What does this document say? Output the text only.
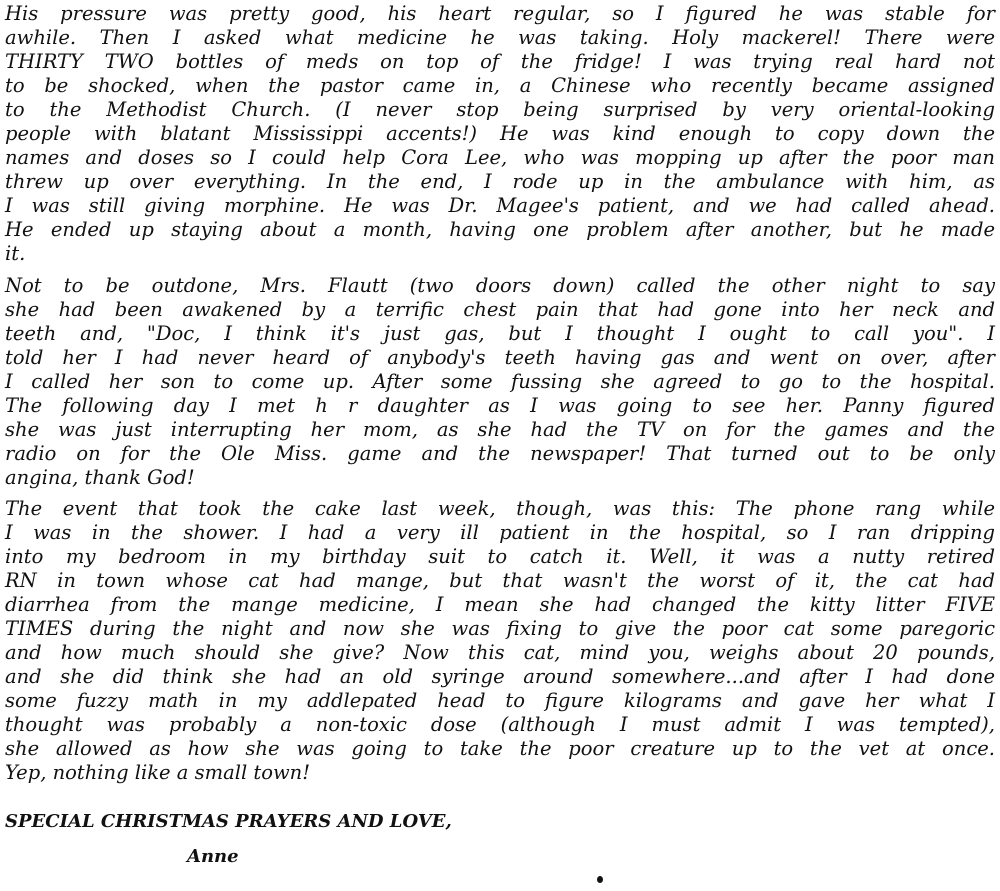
His pressure was pretty good, his heart regular, so I figured he was stable for
awhile. Then I asked what medicine he was taking. Holy mackerel! There were
THIRTY TWO bottles of meds on top of the fridge! I was trying real hard not
to be shocked, when the pastor came in, a Chinese who recently became assigned
to the Methodist Church. (I never stop being surprised by very oriental-looking
people with blatant Mississippi accents!) He was kind enough to copy down the
names and doses so I could help Cora Lee, who was mopping up after the poor man
threw up over everything. In the end, I rode up in the ambulance with him, as
I was still giving morphine. He was Dr. Magee's patient, and we had called ahead.
He ended up staying about a month, having one problem after another, but he made
it.
Not to be outdone, Mrs. Flautt (two doors down) called the other night to say
she had been awakened by a terrific chest pain that had gone into her neck and
teeth and, "Doc, I think it's just gas, but I thought I ought to call you". I
told her I had never heard of anybody's teeth having gas and went on over, after
I called her son to come up. After some fussing she agreed to go to the hospital.
The following day I met h r daughter as I was going to see her. Panny figured
she was just interrupting her mom, as she had the TV on for the games and the
radio on for the Ole Miss. game and the newspaper! That turned out to be only
angina, thank God!
The event that took the cake last week, though, was this: The phone rang while
I was in the shower. I had a very ill patient in the hospital, so I ran dripping
into my bedroom in my birthday suit to catch it. Well, it was a nutty retired
RN in town whose cat had mange, but that wasn't the worst of it, the cat had
diarrhea from the mange medicine, I mean she had changed the kitty litter FIVE
TIMES during the night and now she was fixing to give the poor cat some paregoric
and how much should she give? Now this cat, mind you, weighs about 20 pounds,
and she did think she had an old syringe around somewhere...and after I had done
some fuzzy math in my addlepated head to figure kilograms and gave her what I
thought was probably a non-toxic dose (although I must admit I was tempted),
she allowed as how she was going to take the poor creature up to the vet at once.
Yep, nothing like a small town!
SPECIAL CHRISTMAS PRAYERS AND LOVE,
Anne
